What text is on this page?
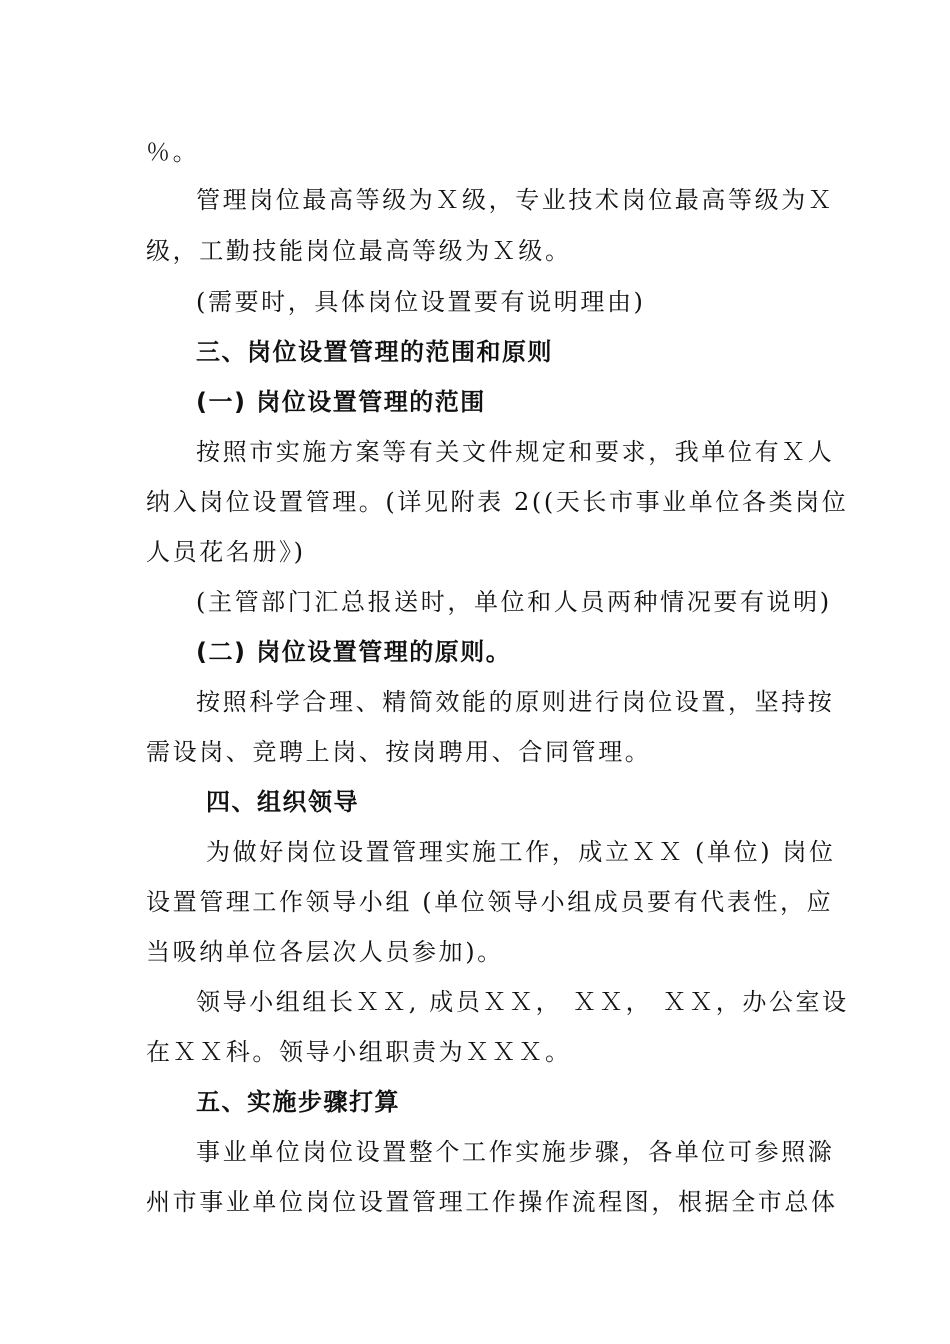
％。
管理岗位最高等级为Ｘ级，专业技术岗位最高等级为Ｘ
级，工勤技能岗位最高等级为Ｘ级。
(需要时，具体岗位设置要有说明理由)
三、岗位设置管理的范围和原则
(一) 岗位设置管理的范围
按照市实施方案等有关文件规定和要求，我单位有Ｘ人
纳入岗位设置管理。(详见附表 2((天长市事业单位各类岗位
人员花名册》)
(主管部门汇总报送时，单位和人员两种情况要有说明)
(二) 岗位设置管理的原则。
按照科学合理、精简效能的原则进行岗位设置，坚持按
需设岗、竞聘上岗、按岗聘用、合同管理。
四、组织领导
为做好岗位设置管理实施工作，成立ＸＸ (单位) 岗位
设置管理工作领导小组 (单位领导小组成员要有代表性，应
当吸纳单位各层次人员参加)。
领导小组组长ＸＸ, 成员ＸＸ， ＸＸ， ＸＸ，办公室设
在ＸＸ科。领导小组职责为ＸＸＸ。
五、实施步骤打算
事业单位岗位设置整个工作实施步骤，各单位可参照滁
州市事业单位岗位设置管理工作操作流程图，根据全市总体
